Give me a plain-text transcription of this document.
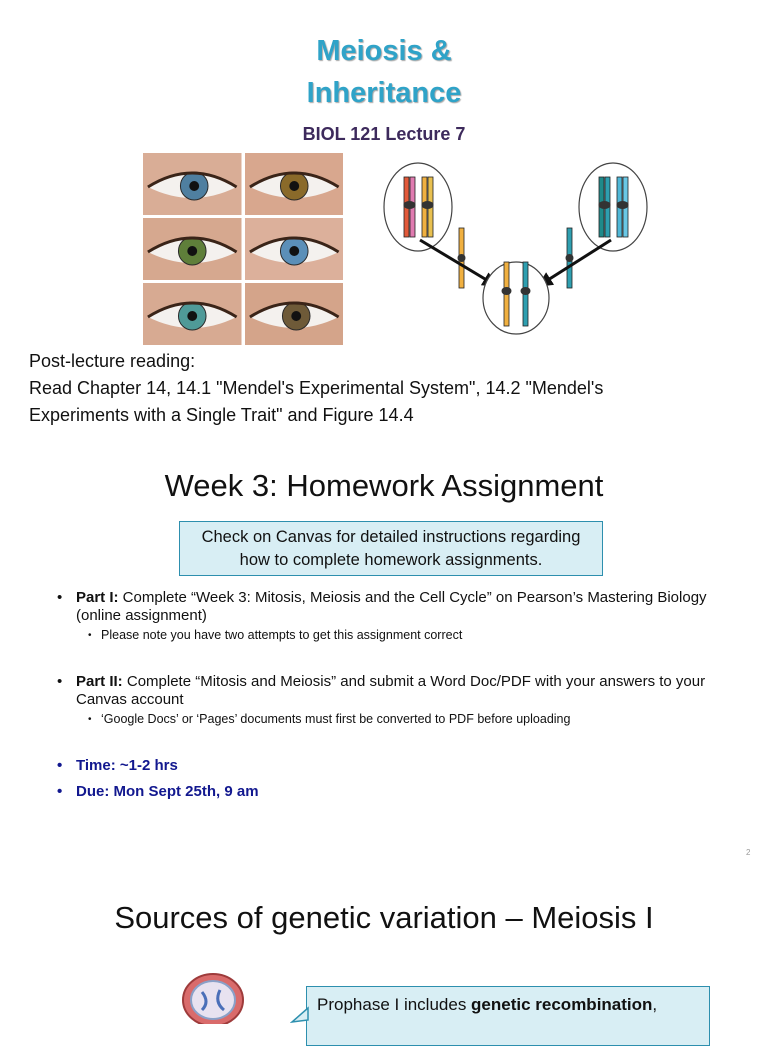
Meiosis &
Inheritance
BIOL 121 Lecture 7
Post-lecture reading:
Read Chapter 14, 14.1 "Mendel's Experimental System", 14.2 "Mendel's
Experiments with a Single Trait" and Figure 14.4
Week 3: Homework Assignment
Check on Canvas for detailed instructions regarding
how to complete homework assignments.
• Part I: Complete “Week 3: Mitosis, Meiosis and the Cell Cycle” on Pearson’s Mastering Biology (online assignment)
• Please note you have two attempts to get this assignment correct
• Part II: Complete “Mitosis and Meiosis” and submit a Word Doc/PDF with your answers to your Canvas account
• ‘Google Docs’ or ‘Pages’ documents must first be converted to PDF before uploading
• Time: ~1-2 hrs
• Due: Mon Sept 25th, 9 am
2
Sources of genetic variation – Meiosis I
Prophase I includes genetic recombination,
